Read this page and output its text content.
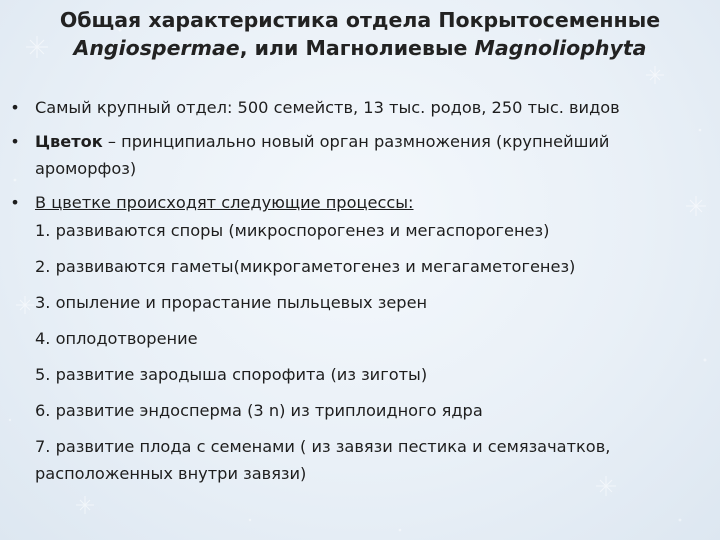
Общая характеристика отдела Покрытосеменные
Angiospermae, или Магнолиевые Magnoliophyta
• Самый крупный отдел: 500 семейств, 13 тыс. родов, 250 тыс. видов
• Цветок – принципиально новый орган размножения (крупнейший ароморфоз)
• В цветке происходят следующие процессы:
1. развиваются споры (микроспорогенез и мегаспорогенез)
2. развиваются гаметы(микрогаметогенез и мегагаметогенез)
3. опыление и прорастание пыльцевых зерен
4. оплодотворение
5. развитие зародыша спорофита (из зиготы)
6. развитие эндосперма (3 n) из триплоидного ядра
7. развитие плода с семенами ( из завязи пестика и семязачатков, расположенных внутри завязи)
